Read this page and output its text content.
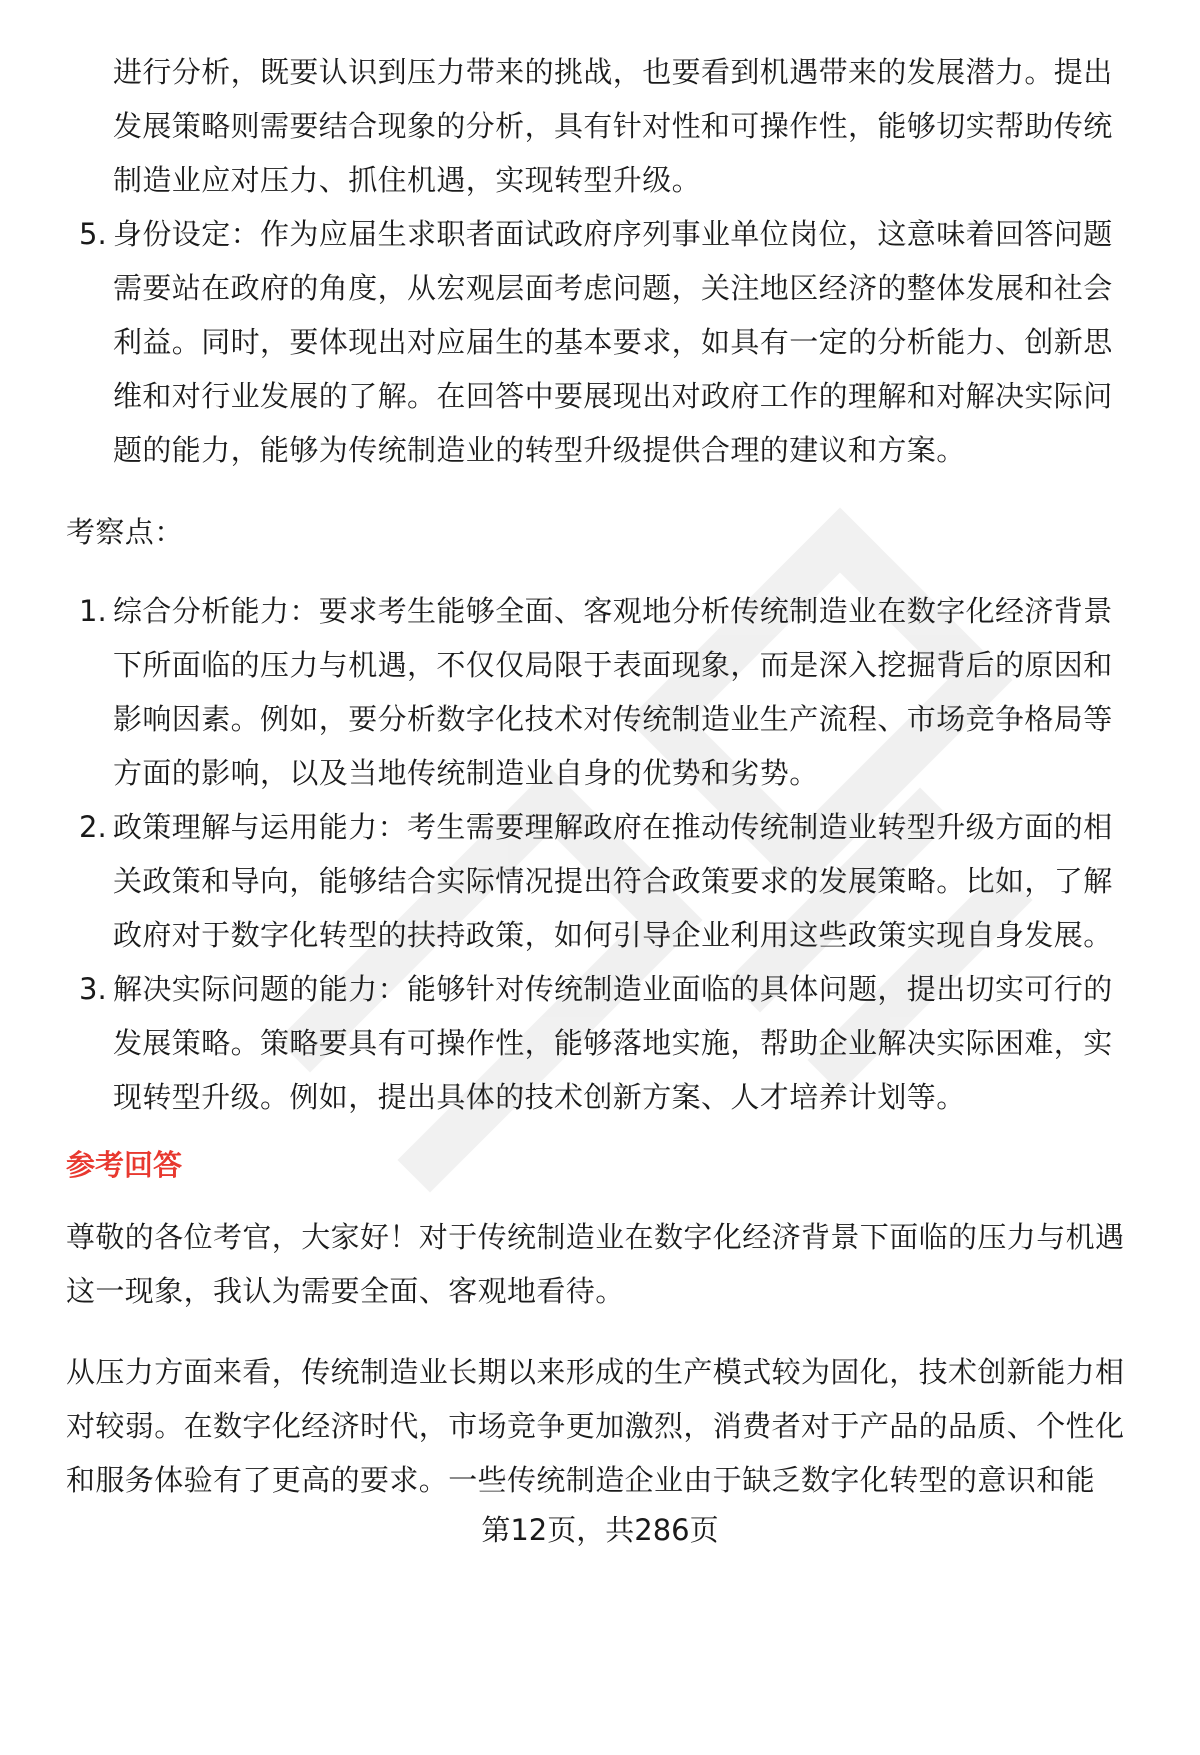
进行分析，既要认识到压力带来的挑战，也要看到机遇带来的发展潜力。提出
发展策略则需要结合现象的分析，具有针对性和可操作性，能够切实帮助传统
制造业应对压力、抓住机遇，实现转型升级。
5. 身份设定：作为应届生求职者面试政府序列事业单位岗位，这意味着回答问题
需要站在政府的角度，从宏观层面考虑问题，关注地区经济的整体发展和社会
利益。同时，要体现出对应届生的基本要求，如具有一定的分析能力、创新思
维和对行业发展的了解。在回答中要展现出对政府工作的理解和对解决实际问
题的能力，能够为传统制造业的转型升级提供合理的建议和方案。
考察点：
1. 综合分析能力：要求考生能够全面、客观地分析传统制造业在数字化经济背景
下所面临的压力与机遇，不仅仅局限于表面现象，而是深入挖掘背后的原因和
影响因素。例如，要分析数字化技术对传统制造业生产流程、市场竞争格局等
方面的影响，以及当地传统制造业自身的优势和劣势。
2. 政策理解与运用能力：考生需要理解政府在推动传统制造业转型升级方面的相
关政策和导向，能够结合实际情况提出符合政策要求的发展策略。比如，了解
政府对于数字化转型的扶持政策，如何引导企业利用这些政策实现自身发展。
3. 解决实际问题的能力：能够针对传统制造业面临的具体问题，提出切实可行的
发展策略。策略要具有可操作性，能够落地实施，帮助企业解决实际困难，实
现转型升级。例如，提出具体的技术创新方案、人才培养计划等。
参考回答
尊敬的各位考官，大家好！对于传统制造业在数字化经济背景下面临的压力与机遇
这一现象，我认为需要全面、客观地看待。
从压力方面来看，传统制造业长期以来形成的生产模式较为固化，技术创新能力相
对较弱。在数字化经济时代，市场竞争更加激烈，消费者对于产品的品质、个性化
和服务体验有了更高的要求。一些传统制造企业由于缺乏数字化转型的意识和能
第12页，共286页
